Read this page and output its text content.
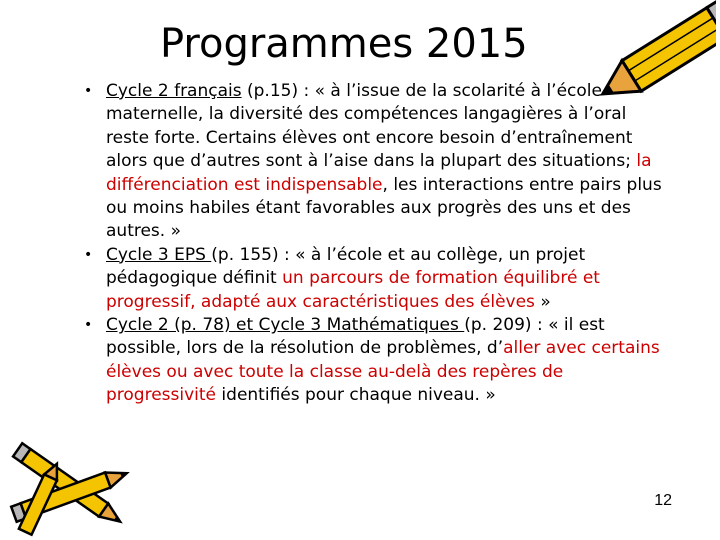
Programmes 2015
• Cycle 2 français (p.15) : « à l’issue de la scolarité à l’école maternelle, la diversité des compétences langagières à l’oral reste forte. Certains élèves ont encore besoin d’entraînement alors que d’autres sont à l’aise dans la plupart des situations; la différenciation est indispensable, les interactions entre pairs plus ou moins habiles étant favorables aux progrès des uns et des autres. »
• Cycle 3 EPS (p. 155) : « à l’école et au collège, un projet pédagogique définit un parcours de formation équilibré et progressif, adapté aux caractéristiques des élèves »
• Cycle 2 (p. 78) et Cycle 3 Mathématiques (p. 209) : « il est possible, lors de la résolution de problèmes, d’aller avec certains élèves ou avec toute la classe au-delà des repères de progressivité identifiés pour chaque niveau. »
12
